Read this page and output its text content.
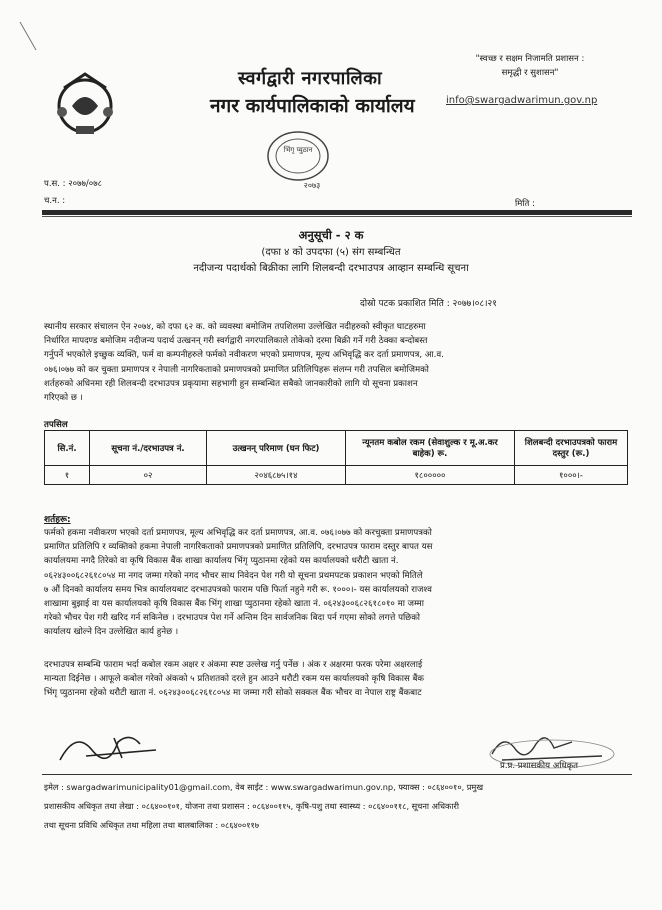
"स्वच्छ र सक्षम निजामति प्रशासन :
समृद्धी र सुशासन"
स्वर्गद्वारी नगरपालिका
नगर कार्यपालिकाको कार्यालय	info@swargadwarimun.gov.np
भिंगृ प्युठान
२०७३
प.स. : २०७७/०७८
च.न. :	मिति :
अनुसूची - २ क
(दफा ४ को उपदफा (५) संग सम्बन्धित
नदीजन्य पदार्थको बिक्रीका लागि शिलबन्दी दरभाउपत्र आव्हान सम्बन्धि सूचना
दोस्रो पटक प्रकाशित मिति : २०७७।०८।२१
स्थानीय सरकार संचालन ऐन २०७४, को दफा ६२ क. को व्यवस्था बमोजिम तपशिलमा उल्लेखित नदीहरुको स्वीकृत घाटहरुमा
निर्धारित मापदण्ड बमोजिम नदीजन्य पदार्थ उत्खनन् गरी स्वर्गद्वारी नगरपालिकाले तोकेको दरमा बिक्री गर्ने गरी ठेक्का बन्दोबस्त
गर्नुपर्ने भएकोले इच्छुक व्यक्ति, फर्म वा कम्पनीहरुले फर्मको नवीकरण भएको प्रमाणपत्र, मूल्य अभिवृद्धि कर दर्ता प्रमाणपत्र, आ.व.
०७६।०७७ को कर चुक्ता प्रमाणपत्र र नेपाली नागरिकताको प्रमाणपत्रको प्रमाणित प्रतिलिपिहरू संलग्न गरी तपसिल बमोजिमको
शर्तहरुको अधिनमा रही शिलबन्दी दरभाउपत्र प्रकृयामा सहभागी हुन सम्बन्धित सबैको जानकारीको लागि यो सूचना प्रकाशन
गरिएको छ ।
तपसिल
सि.नं.	सूचना नं./दरभाउपत्र नं.	उत्खनन् परिमाण (घन फिट)	न्यूनतम कबोल रकम (सेवाशुल्क र मू.अ.कर बाहेक) रू.	शिलबन्दी दरभाउपत्रको फाराम दस्तुर (रू.)
१	०२	२०४६८७५।१४	१८०००००	१०००।-
शर्तहरू:
फर्मको हकमा नवीकरण भएको दर्ता प्रमाणपत्र, मूल्य अभिवृद्धि कर दर्ता प्रमाणपत्र, आ.व. ०७६।०७७ को करचुक्ता प्रमाणपत्रको
प्रमाणित प्रतिलिपि र व्यक्तिको हकमा नेपाली नागरिकताको प्रमाणपत्रको प्रमाणित प्रतिलिपि, दरभाउपत्र फाराम दस्तुर बापत यस
कार्यालयमा नगदै तिरेको वा कृषि विकास बैंक शाखा कार्यालय भिंगृ प्युठानमा रहेको यस कार्यालयको धरौटी खाता नं.
०६२४३००६८२६१८०५४ मा नगद जम्मा गरेको नगद भौचर साथ निवेदन पेश गरी यो सूचना प्रथमपटक प्रकाशन भएको मितिले
७ औं दिनको कार्यालय समय भित्र कार्यालयबाट दरभाउपत्रको फाराम पछि फिर्ता नहुने गरी रू. १०००।- यस कार्यालयको राजश्व
शाखामा बुझाई वा यस कार्यालयको कृषि विकास बैंक भिंगृ शाखा प्युठानमा रहेको खाता नं. ०६२४३००६८२६१८०१० मा जम्मा
गरेको भौचर पेश गरी खरिद गर्न सकिनेछ । दरभाउपत्र पेश गर्ने अन्तिम दिन सार्वजनिक बिदा पर्न गएमा सोको लगत्ते पछिको
कार्यालय खोल्ने दिन उल्लेखित कार्य हुनेछ ।
दरभाउपत्र सम्बन्धि फाराम भर्दा कबोल रकम अक्षर र अंकमा स्पष्ट उल्लेख गर्नु पर्नेछ । अंक र अक्षरमा फरक परेमा अक्षरलाई
मान्यता दिईनेछ । आफूले कबोल गरेको अंकको ५ प्रतिशतको दरले हुन आउने धरौटी रकम यस कार्यालयको कृषि विकास बैंक
भिंगृ प्युठानमा रहेको धरौटी खाता नं. ०६२४३००६८२६१८०५४ मा जम्मा गरी सोको सक्कल बैंक भौचर वा नेपाल राष्ट्र बैंकबाट
प्र.प्र. प्रशासकीय अधिकृत
इमेल : swargadwarimunicipality01@gmail.com, वेब साईट : www.swargadwarimun.gov.np, फ्याक्स : ०८६४००१०, प्रमुख
प्रशासकीय अधिकृत तथा लेखा : ०८६४००१०१, योजना तथा प्रशासन : ०८६४००११५, कृषि-पशु तथा स्वास्थ्य : ०८६४००११८, सूचना अधिकारी
तथा सूचना प्रविधि अधिकृत तथा महिला तथा बालबालिका : ०८६४००११७
